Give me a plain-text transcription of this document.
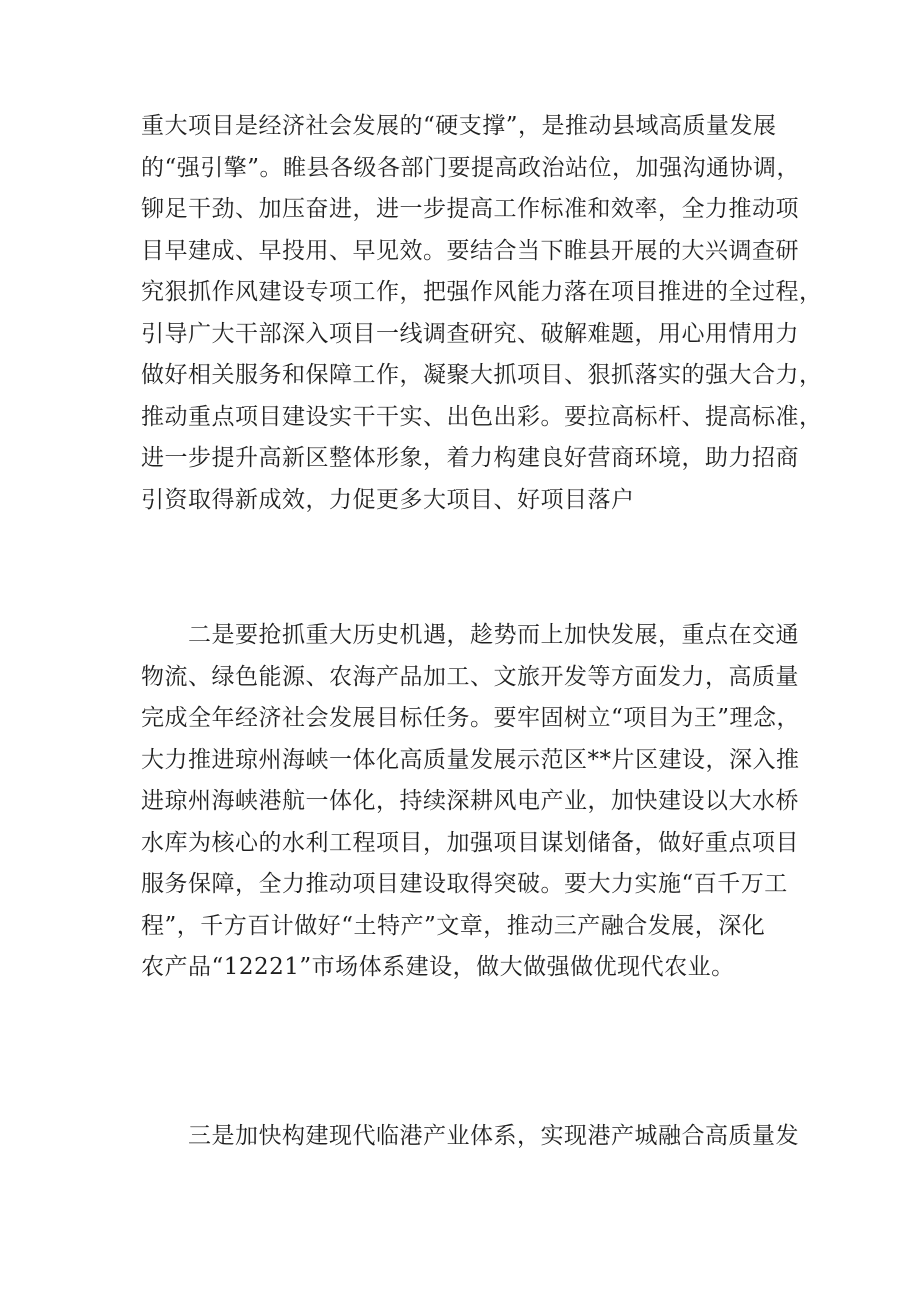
重大项目是经济社会发展的“硬支撑”，是推动县域高质量发展
的“强引擎”。睢县各级各部门要提高政治站位，加强沟通协调，
铆足干劲、加压奋进，进一步提高工作标准和效率，全力推动项
目早建成、早投用、早见效。要结合当下睢县开展的大兴调查研
究狠抓作风建设专项工作，把强作风能力落在项目推进的全过程，
引导广大干部深入项目一线调查研究、破解难题，用心用情用力
做好相关服务和保障工作，凝聚大抓项目、狠抓落实的强大合力，
推动重点项目建设实干干实、出色出彩。要拉高标杆、提高标准，
进一步提升高新区整体形象，着力构建良好营商环境，助力招商
引资取得新成效，力促更多大项目、好项目落户

二是要抢抓重大历史机遇，趁势而上加快发展，重点在交通
物流、绿色能源、农海产品加工、文旅开发等方面发力，高质量
完成全年经济社会发展目标任务。要牢固树立“项目为王”理念，
大力推进琼州海峡一体化高质量发展示范区**片区建设，深入推
进琼州海峡港航一体化，持续深耕风电产业，加快建设以大水桥
水库为核心的水利工程项目，加强项目谋划储备，做好重点项目
服务保障，全力推动项目建设取得突破。要大力实施“百千万工
程”，千方百计做好“土特产”文章，推动三产融合发展，深化
农产品“12221”市场体系建设，做大做强做优现代农业。

三是加快构建现代临港产业体系，实现港产城融合高质量发
